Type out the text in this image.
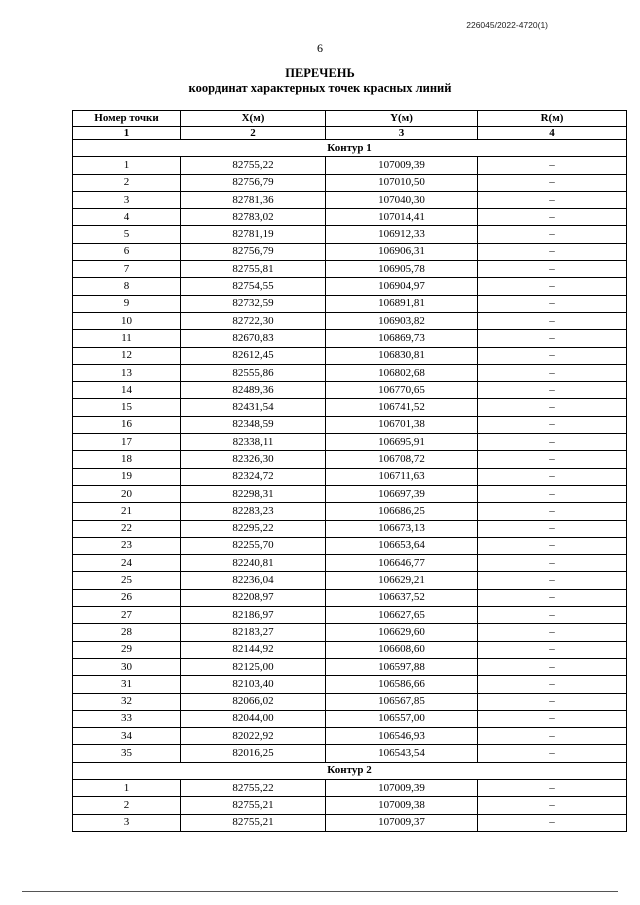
226045/2022-4720(1)
6
ПЕРЕЧЕНЬ
координат характерных точек красных линий
Номер точки	X(м)	Y(м)	R(м)
1	2	3	4
Контур 1			
1	82755,22	107009,39	–
2	82756,79	107010,50	–
3	82781,36	107040,30	–
4	82783,02	107014,41	–
5	82781,19	106912,33	–
6	82756,79	106906,31	–
7	82755,81	106905,78	–
8	82754,55	106904,97	–
9	82732,59	106891,81	–
10	82722,30	106903,82	–
11	82670,83	106869,73	–
12	82612,45	106830,81	–
13	82555,86	106802,68	–
14	82489,36	106770,65	–
15	82431,54	106741,52	–
16	82348,59	106701,38	–
17	82338,11	106695,91	–
18	82326,30	106708,72	–
19	82324,72	106711,63	–
20	82298,31	106697,39	–
21	82283,23	106686,25	–
22	82295,22	106673,13	–
23	82255,70	106653,64	–
24	82240,81	106646,77	–
25	82236,04	106629,21	–
26	82208,97	106637,52	–
27	82186,97	106627,65	–
28	82183,27	106629,60	–
29	82144,92	106608,60	–
30	82125,00	106597,88	–
31	82103,40	106586,66	–
32	82066,02	106567,85	–
33	82044,00	106557,00	–
34	82022,92	106546,93	–
35	82016,25	106543,54	–
Контур 2			
1	82755,22	107009,39	–
2	82755,21	107009,38	–
3	82755,21	107009,37	–
